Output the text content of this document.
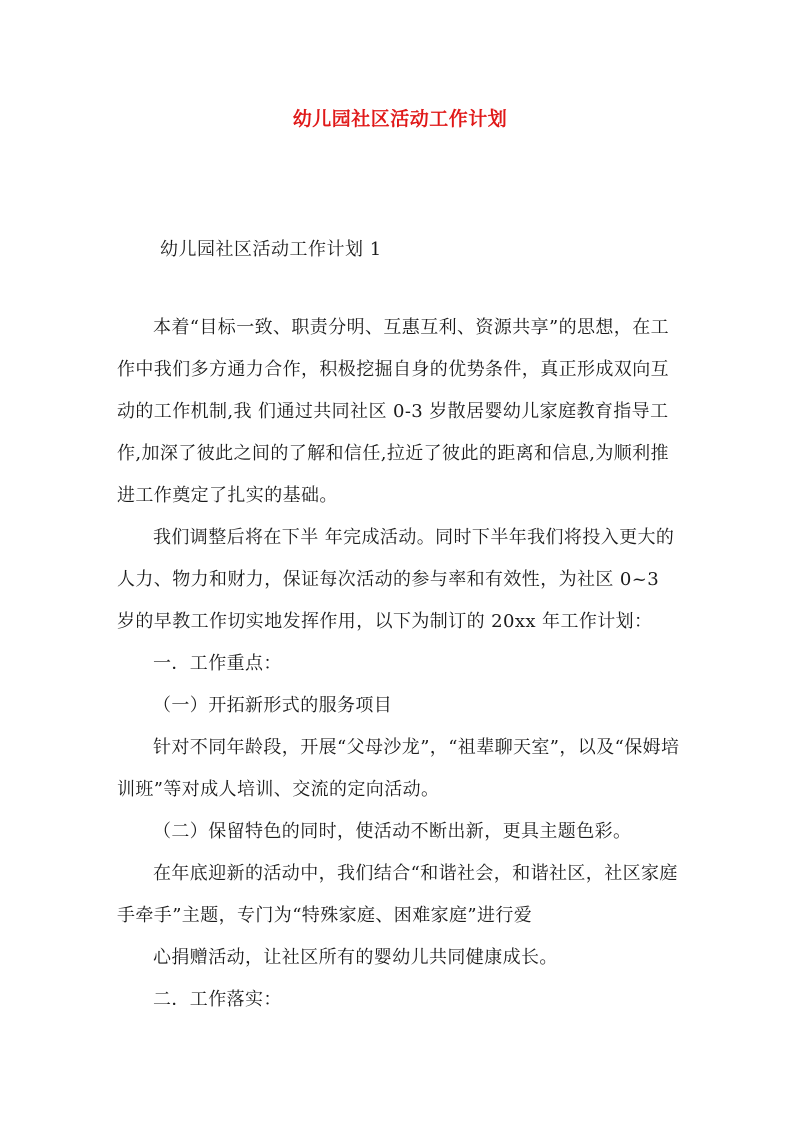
幼儿园社区活动工作计划
幼儿园社区活动工作计划 1
本着“目标一致、职责分明、互惠互利、资源共享”的思想，在工作中我们多方通力合作，积极挖掘自身的优势条件，真正形成双向互动的工作机制,我 们通过共同社区 0-3 岁散居婴幼儿家庭教育指导工作,加深了彼此之间的了解和信任,拉近了彼此的距离和信息,为顺利推进工作奠定了扎实的基础。
我们调整后将在下半 年完成活动。同时下半年我们将投入更大的人力、物力和财力，保证每次活动的参与率和有效性，为社区 0~3 岁的早教工作切实地发挥作用，以下为制订的 20xx 年工作计划：
一．工作重点：
（一）开拓新形式的服务项目
针对不同年龄段，开展“父母沙龙”，“祖辈聊天室”，以及“保姆培训班”等对成人培训、交流的定向活动。
（二）保留特色的同时，使活动不断出新，更具主题色彩。
在年底迎新的活动中，我们结合“和谐社会，和谐社区，社区家庭手牵手”主题，专门为“特殊家庭、困难家庭”进行爱
心捐赠活动，让社区所有的婴幼儿共同健康成长。
二．工作落实：
